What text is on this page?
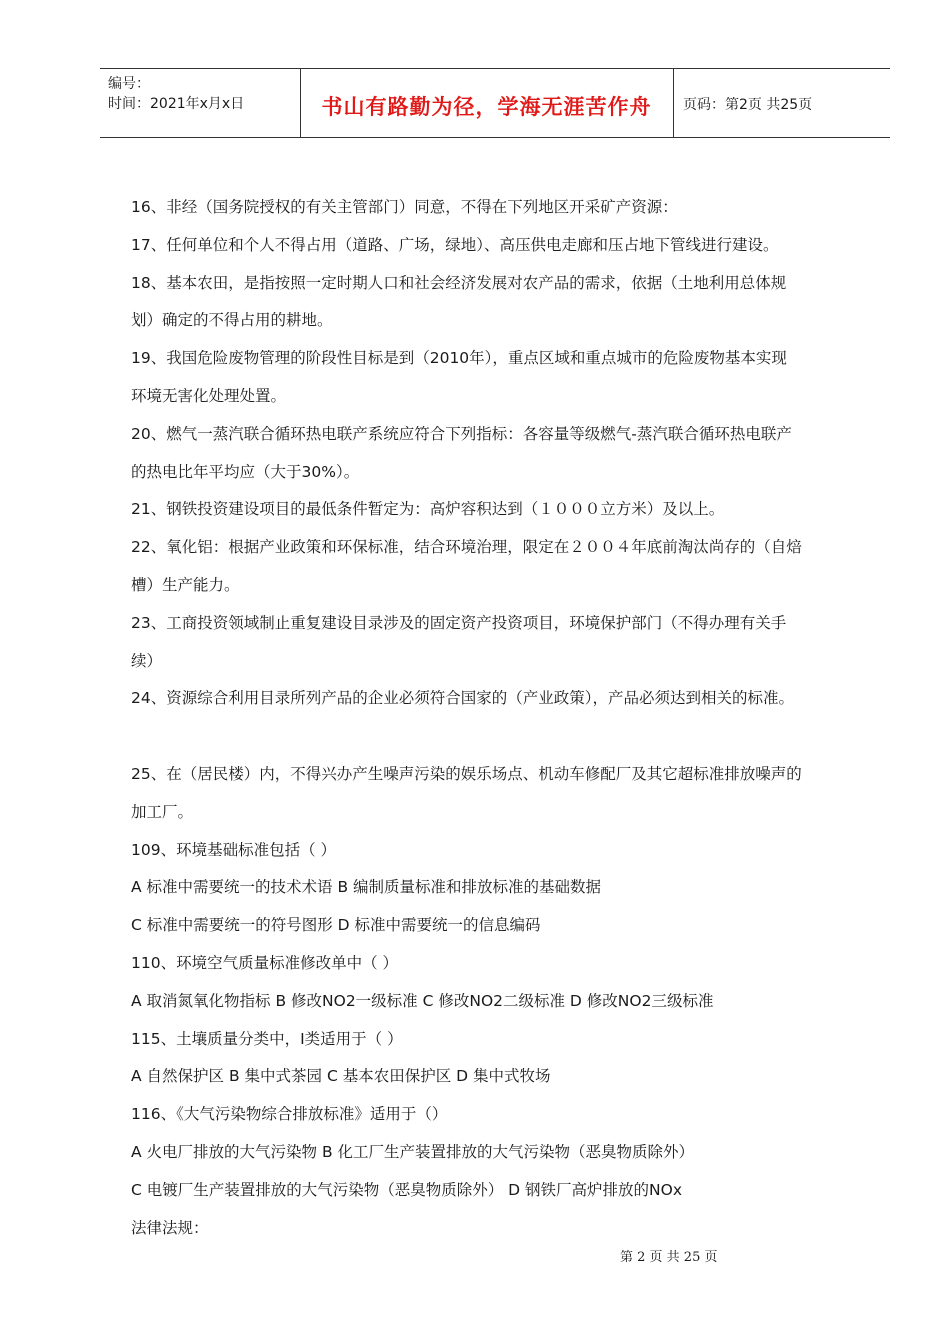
编号：
时间：2021年x月x日	书山有路勤为径，学海无涯苦作舟	页码：第2页 共25页
16、非经（国务院授权的有关主管部门）同意，不得在下列地区开采矿产资源：
17、任何单位和个人不得占用（道路、广场，绿地）、高压供电走廊和压占地下管线进行建设。
18、基本农田，是指按照一定时期人口和社会经济发展对农产品的需求，依据（土地利用总体规
划）确定的不得占用的耕地。
19、我国危险废物管理的阶段性目标是到（2010年），重点区域和重点城市的危险废物基本实现
环境无害化处理处置。
20、燃气一蒸汽联合循环热电联产系统应符合下列指标：各容量等级燃气-蒸汽联合循环热电联产
的热电比年平均应（大于30%）。
21、钢铁投资建设项目的最低条件暂定为：高炉容积达到（１０００立方米）及以上。
22、氧化铝：根据产业政策和环保标准，结合环境治理，限定在２００４年底前淘汰尚存的（自焙
槽）生产能力。
23、工商投资领域制止重复建设目录涉及的固定资产投资项目，环境保护部门（不得办理有关手
续）
24、资源综合利用目录所列产品的企业必须符合国家的（产业政策），产品必须达到相关的标准。
25、在（居民楼）内，不得兴办产生噪声污染的娱乐场点、机动车修配厂及其它超标准排放噪声的
加工厂。
109、环境基础标准包括（ ）
A 标准中需要统一的技术术语 B 编制质量标准和排放标准的基础数据
C 标准中需要统一的符号图形 D 标准中需要统一的信息编码
110、环境空气质量标准修改单中（ ）
A 取消氮氧化物指标 B 修改NO2一级标准 C 修改NO2二级标准 D 修改NO2三级标准
115、土壤质量分类中，Ⅰ类适用于（ ）
A 自然保护区 B 集中式茶园 C 基本农田保护区 D 集中式牧场
116、《大气污染物综合排放标准》适用于（）
A 火电厂排放的大气污染物 B 化工厂生产装置排放的大气污染物（恶臭物质除外）
C 电镀厂生产装置排放的大气污染物（恶臭物质除外） D 钢铁厂高炉排放的NOx
法律法规：
第 2 页 共 25 页
